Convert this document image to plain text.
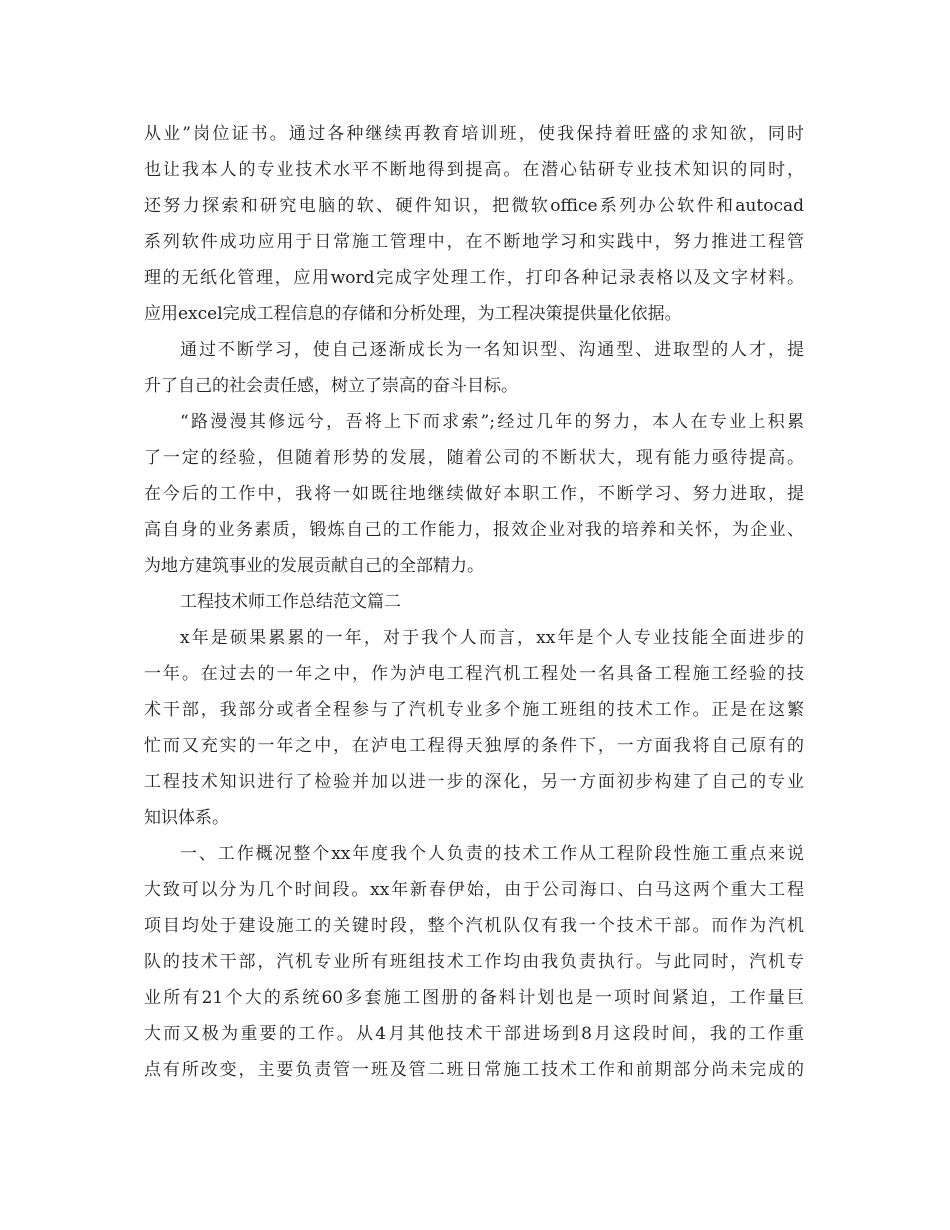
从业”岗位证书。通过各种继续再教育培训班，使我保持着旺盛的求知欲，同时
也让我本人的专业技术水平不断地得到提高。在潜心钻研专业技术知识的同时，
还努力探索和研究电脑的软、硬件知识，把微软office系列办公软件和autocad
系列软件成功应用于日常施工管理中，在不断地学习和实践中，努力推进工程管
理的无纸化管理，应用word完成字处理工作，打印各种记录表格以及文字材料。
应用excel完成工程信息的存储和分析处理，为工程决策提供量化依据。
通过不断学习，使自己逐渐成长为一名知识型、沟通型、进取型的人才，提
升了自己的社会责任感，树立了崇高的奋斗目标。
“路漫漫其修远兮，吾将上下而求索”;经过几年的努力，本人在专业上积累
了一定的经验，但随着形势的发展，随着公司的不断状大，现有能力亟待提高。
在今后的工作中，我将一如既往地继续做好本职工作，不断学习、努力进取，提
高自身的业务素质，锻炼自己的工作能力，报效企业对我的培养和关怀，为企业、
为地方建筑事业的发展贡献自己的全部精力。
工程技术师工作总结范文篇二
x年是硕果累累的一年，对于我个人而言，xx年是个人专业技能全面进步的
一年。在过去的一年之中，作为泸电工程汽机工程处一名具备工程施工经验的技
术干部，我部分或者全程参与了汽机专业多个施工班组的技术工作。正是在这繁
忙而又充实的一年之中，在泸电工程得天独厚的条件下，一方面我将自己原有的
工程技术知识进行了检验并加以进一步的深化，另一方面初步构建了自己的专业
知识体系。
一、工作概况整个xx年度我个人负责的技术工作从工程阶段性施工重点来说
大致可以分为几个时间段。xx年新春伊始，由于公司海口、白马这两个重大工程
项目均处于建设施工的关键时段，整个汽机队仅有我一个技术干部。而作为汽机
队的技术干部，汽机专业所有班组技术工作均由我负责执行。与此同时，汽机专
业所有21个大的系统60多套施工图册的备料计划也是一项时间紧迫，工作量巨
大而又极为重要的工作。从4月其他技术干部进场到8月这段时间，我的工作重
点有所改变，主要负责管一班及管二班日常施工技术工作和前期部分尚未完成的
